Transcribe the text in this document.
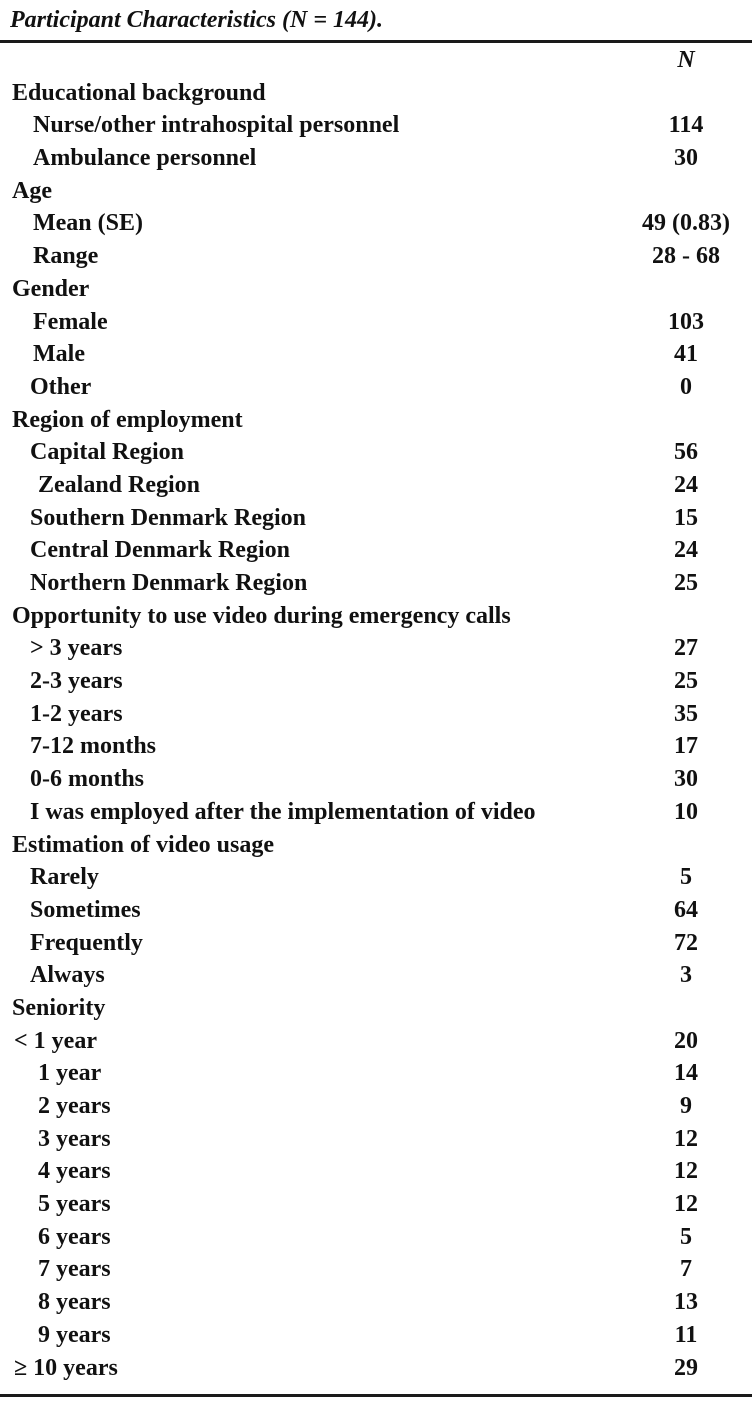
Participant Characteristics (N = 144).
N
Educational background
Nurse/other intrahospital personnel	114
Ambulance personnel	30
Age
Mean (SE)	49 (0.83)
Range	28 - 68
Gender
Female	103
Male	41
Other	0
Region of employment
Capital Region	56
Zealand Region	24
Southern Denmark Region	15
Central Denmark Region	24
Northern Denmark Region	25
Opportunity to use video during emergency calls
> 3 years	27
2-3 years	25
1-2 years	35
7-12 months	17
0-6 months	30
I was employed after the implementation of video	10
Estimation of video usage
Rarely	5
Sometimes	64
Frequently	72
Always	3
Seniority
< 1 year	20
1 year	14
2 years	9
3 years	12
4 years	12
5 years	12
6 years	5
7 years	7
8 years	13
9 years	11
≥ 10 years	29
